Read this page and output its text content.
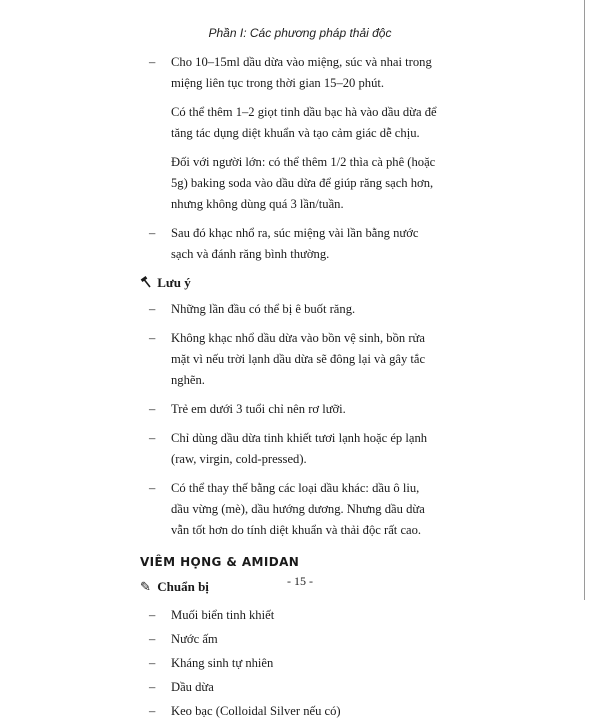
Phần I: Các phương pháp thải độc
– Cho 10–15ml dầu dừa vào miệng, súc và nhai trong miệng liên tục trong thời gian 15–20 phút.
Có thể thêm 1–2 giọt tinh dầu bạc hà vào dầu dừa để tăng tác dụng diệt khuẩn và tạo cảm giác dễ chịu.
Đối với người lớn: có thể thêm 1/2 thìa cà phê (hoặc 5g) baking soda vào dầu dừa để giúp răng sạch hơn, nhưng không dùng quá 3 lần/tuần.
– Sau đó khạc nhổ ra, súc miệng vài lần bằng nước sạch và đánh răng bình thường.
Lưu ý
– Những lần đầu có thể bị ê buốt răng.
– Không khạc nhổ dầu dừa vào bồn vệ sinh, bồn rửa mặt vì nếu trời lạnh dầu dừa sẽ đông lại và gây tắc nghẽn.
– Trẻ em dưới 3 tuổi chỉ nên rơ lưỡi.
– Chỉ dùng dầu dừa tinh khiết tươi lạnh hoặc ép lạnh (raw, virgin, cold-pressed).
– Có thể thay thế bằng các loại dầu khác: dầu ô liu, dầu vừng (mè), dầu hướng dương. Nhưng dầu dừa vẫn tốt hơn do tính diệt khuẩn và thải độc rất cao.
VIÊM HỌNG & AMIDAN
✎ Chuẩn bị
– Muối biển tinh khiết
– Nước ấm
– Kháng sinh tự nhiên
– Dầu dừa
– Keo bạc (Colloidal Silver nếu có)
- 15 -
